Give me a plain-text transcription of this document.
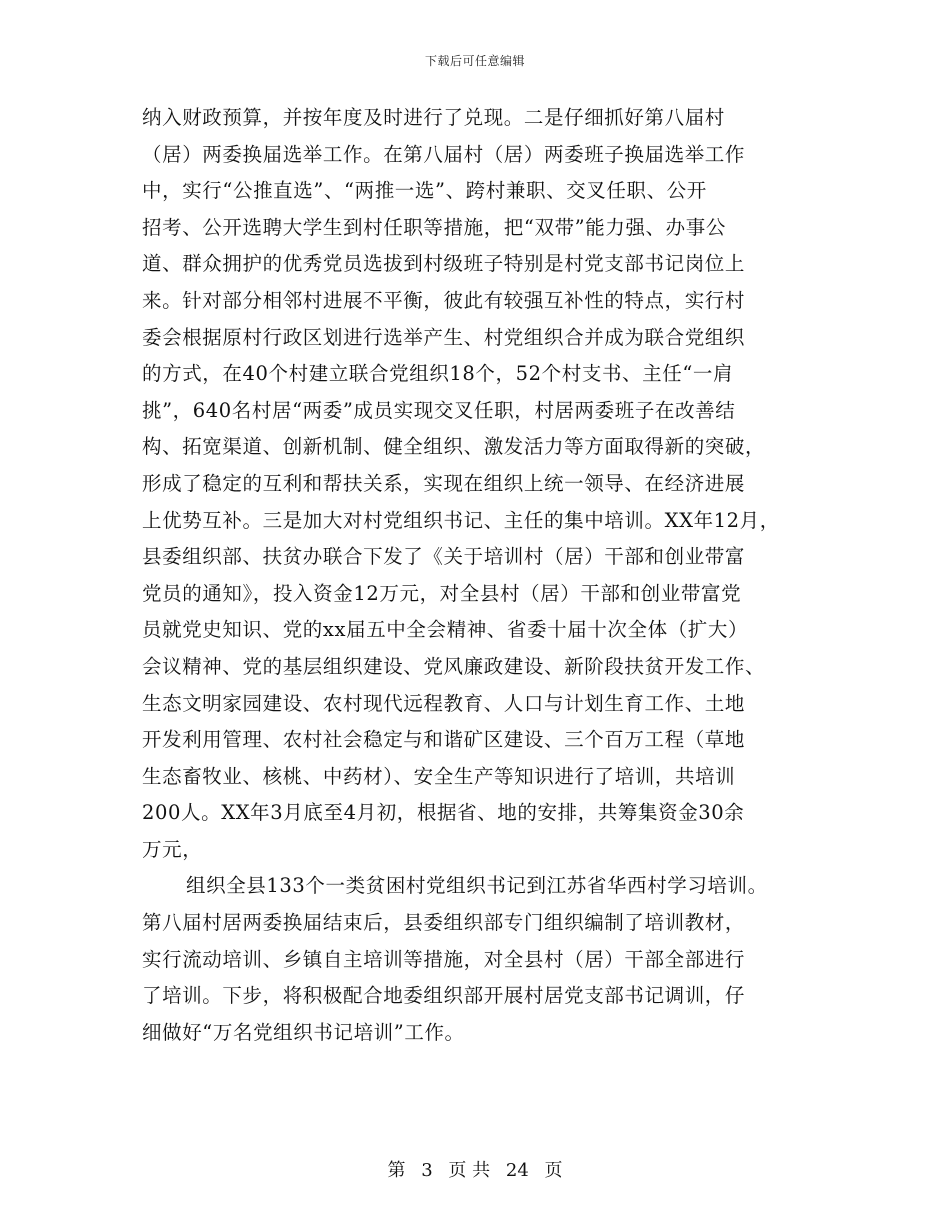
下载后可任意编辑
纳入财政预算，并按年度及时进行了兑现。二是仔细抓好第八届村
（居）两委换届选举工作。在第八届村（居）两委班子换届选举工作
中，实行“公推直选”、“两推一选”、跨村兼职、交叉任职、公开
招考、公开选聘大学生到村任职等措施，把“双带”能力强、办事公
道、群众拥护的优秀党员选拔到村级班子特别是村党支部书记岗位上
来。针对部分相邻村进展不平衡，彼此有较强互补性的特点，实行村
委会根据原村行政区划进行选举产生、村党组织合并成为联合党组织
的方式，在40个村建立联合党组织18个，52个村支书、主任“一肩
挑”，640名村居“两委”成员实现交叉任职，村居两委班子在改善结
构、拓宽渠道、创新机制、健全组织、激发活力等方面取得新的突破，
形成了稳定的互利和帮扶关系，实现在组织上统一领导、在经济进展
上优势互补。三是加大对村党组织书记、主任的集中培训。XX年12月，
县委组织部、扶贫办联合下发了《关于培训村（居）干部和创业带富
党员的通知》，投入资金12万元，对全县村（居）干部和创业带富党
员就党史知识、党的xx届五中全会精神、省委十届十次全体（扩大）
会议精神、党的基层组织建设、党风廉政建设、新阶段扶贫开发工作、
生态文明家园建设、农村现代远程教育、人口与计划生育工作、土地
开发利用管理、农村社会稳定与和谐矿区建设、三个百万工程（草地
生态畜牧业、核桃、中药材）、安全生产等知识进行了培训，共培训
200人。XX年3月底至4月初，根据省、地的安排，共筹集资金30余
万元，
组织全县133个一类贫困村党组织书记到江苏省华西村学习培训。
第八届村居两委换届结束后，县委组织部专门组织编制了培训教材，
实行流动培训、乡镇自主培训等措施，对全县村（居）干部全部进行
了培训。下步，将积极配合地委组织部开展村居党支部书记调训，仔
细做好“万名党组织书记培训”工作。
第 3 页 共 24 页
